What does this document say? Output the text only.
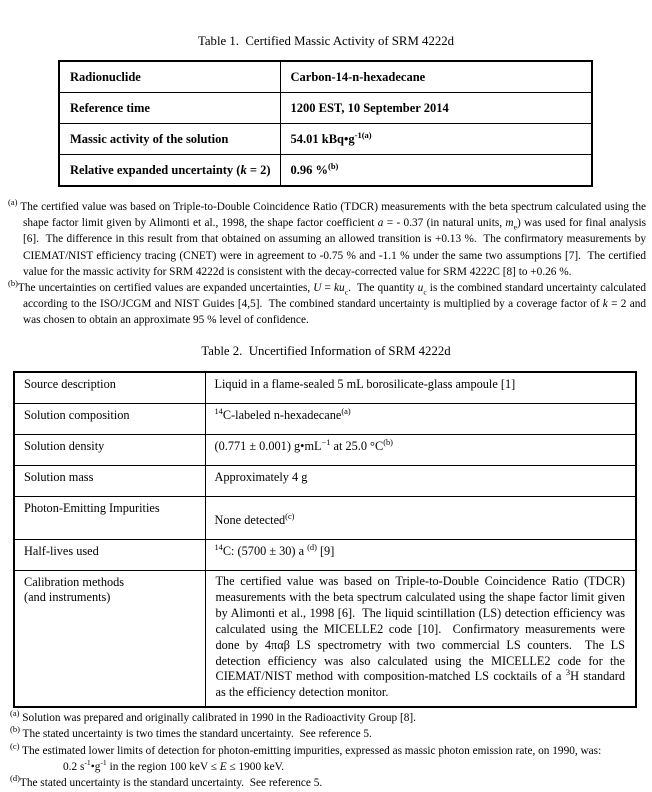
Table 1.  Certified Massic Activity of SRM 4222d
Radionuclide	Carbon-14-n-hexadecane
Reference time	1200 EST, 10 September 2014
Massic activity of the solution	54.01 $kBq•g^{-1(a)}$
Relative expanded uncertainty (k = 2)	0.96 %$^{(b)}$
$^{(a)}$ The certified value was based on Triple-to-Double Coincidence Ratio (TDCR) measurements with the beta spectrum calculated using the shape factor limit given by Alimonti et al., 1998, the shape factor coefficient a = - 0.37 (in natural units, $m_e$) was used for final analysis [6].  The difference in this result from that obtained on assuming an allowed transition is +0.13 %.  The confirmatory measurements by CIEMAT/NIST efficiency tracing (CNET) were in agreement to -0.75 % and -1.1 % under the same two assumptions [7].  The certified value for the massic activity for SRM 4222d is consistent with the decay-corrected value for SRM 4222C [8] to +0.26 %.
$^{(b)}$The uncertainties on certified values are expanded uncertainties, $U = ku_c$.  The quantity $u_c$ is the combined standard uncertainty calculated according to the ISO/JCGM and NIST Guides [4,5].  The combined standard uncertainty is multiplied by a coverage factor of k = 2 and was chosen to obtain an approximate 95 % level of confidence.
Table 2.  Uncertified Information of SRM 4222d
Source description	Liquid in a flame-sealed 5 mL borosilicate-glass ampoule [1]
Solution composition	$^{14}$C-labeled n-hexadecane$^{(a)}$
Solution density	(0.771 ± 0.001) $g•mL^{-1}$ at 25.0 $^\circ C^{(b)}$
Solution mass	Approximately 4 g
Photon-Emitting Impurities	None detected$^{(c)}$
Half-lives used	$^{14}$C: (5700 ± 30) a $^{(d)}$ [9]
Calibration methods
(and instruments)	The certified value was based on Triple-to-Double Coincidence Ratio (TDCR) measurements with the beta spectrum calculated using the shape factor limit given by Alimonti et al., 1998 [6].  The liquid scintillation (LS) detection efficiency was calculated using the MICELLE2 code [10].  Confirmatory measurements were done by 4παβ LS spectrometry with two commercial LS counters.  The LS detection efficiency was also calculated using the MICELLE2 code for the CIEMAT/NIST method with composition-matched LS cocktails of a $^3$H standard as the efficiency detection monitor.
$^{(a)}$ Solution was prepared and originally calibrated in 1990 in the Radioactivity Group [8].
$^{(b)}$ The stated uncertainty is two times the standard uncertainty.  See reference 5.
$^{(c)}$ The estimated lower limits of detection for photon-emitting impurities, expressed as massic photon emission rate, on 1990, was:
0.2 $s^{-1}•g^{-1}$ in the region 100 keV ≤ E ≤ 1900 keV.
$^{(d)}$The stated uncertainty is the standard uncertainty.  See reference 5.
